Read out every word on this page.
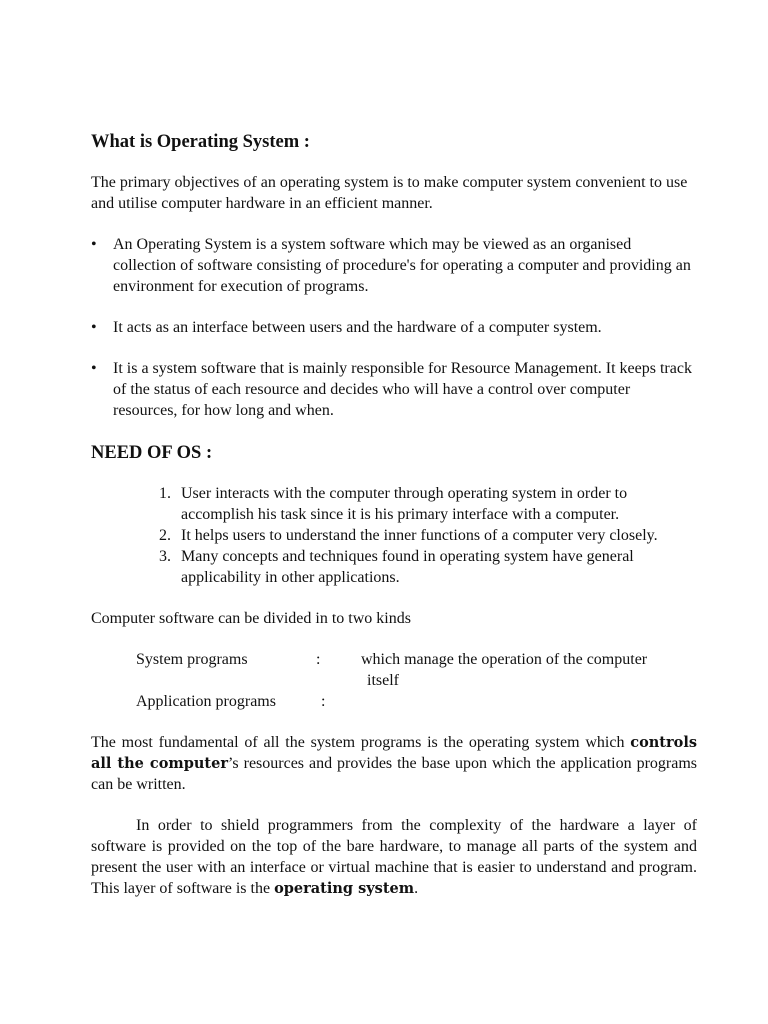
What is Operating System :

The primary objectives of an operating system is to make computer system convenient to use and utilise computer hardware in an efficient manner.

• An Operating System is a system software which may be viewed as an organised collection of software consisting of procedure's for operating a computer and providing an environment for execution of programs.
• It acts as an interface between users and the hardware of a computer system.
• It is a system software that is mainly responsible for Resource Management. It keeps track of the status of each resource and decides who will have a control over computer resources, for how long and when.
NEED OF OS :
1. User interacts with the computer through operating system in order to accomplish his task since it is his primary interface with a computer.
2. It helps users to understand the inner functions of a computer very closely.
3. Many concepts and techniques found in operating system have general applicability in other applications.

Computer software can be divided in to two kinds

System programs	:	which manage the operation of the computer
itself
Application programs	:

The most fundamental of all the system programs is the operating system which controls all the computer’s resources and provides the base upon which the application programs can be written.

In order to shield programmers from the complexity of the hardware a layer of software is provided on the top of the bare hardware, to manage all parts of the system and present the user with an interface or virtual machine that is easier to understand and program. This layer of software is the operating system.
